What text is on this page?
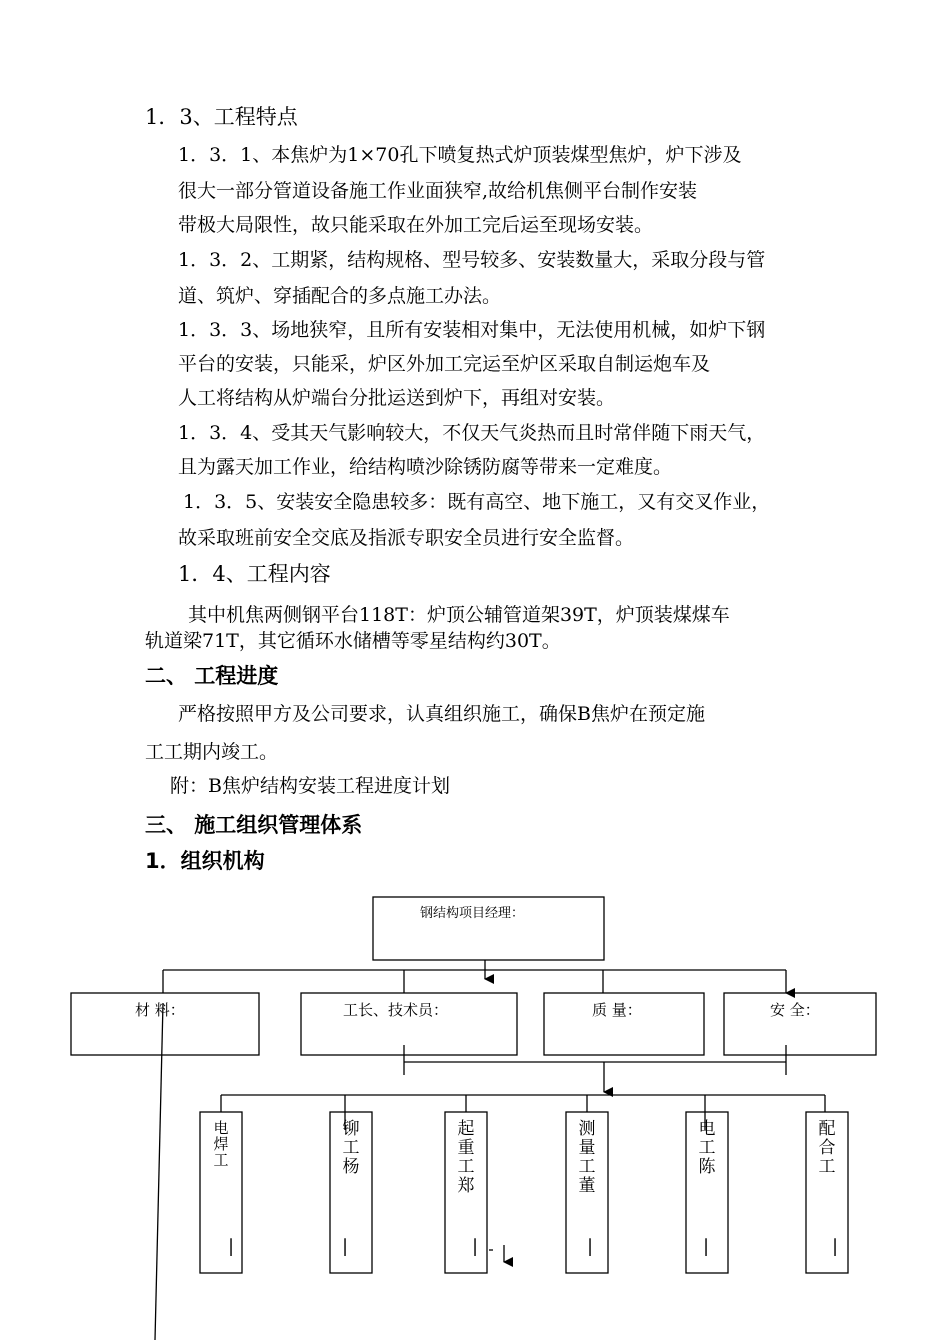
1．3、工程特点
1．3．1、本焦炉为1×70孔下喷复热式炉顶装煤型焦炉，炉下涉及
很大一部分管道设备施工作业面狭窄,故给机焦侧平台制作安装
带极大局限性，故只能采取在外加工完后运至现场安装。
1．3．2、工期紧，结构规格、型号较多、安装数量大，采取分段与管
道、筑炉、穿插配合的多点施工办法。
1．3．3、场地狭窄，且所有安装相对集中，无法使用机械，如炉下钢
平台的安装，只能采，炉区外加工完运至炉区采取自制运炮车及
人工将结构从炉端台分批运送到炉下，再组对安装。
1．3．4、受其天气影响较大，不仅天气炎热而且时常伴随下雨天气，
且为露天加工作业，给结构喷沙除锈防腐等带来一定难度。
1．3．5、安装安全隐患较多：既有高空、地下施工，又有交叉作业，
故采取班前安全交底及指派专职安全员进行安全监督。
1．4、工程内容
其中机焦两侧钢平台118T：炉顶公辅管道架39T，炉顶装煤煤车
轨道梁71T，其它循环水储槽等零星结构约30T。
二、 工程进度
严格按照甲方及公司要求，认真组织施工，确保B焦炉在预定施
工工期内竣工。
附：B焦炉结构安装工程进度计划
三、 施工组织管理体系
1．组织机构
钢结构项目经理：
材 料：	工长、技术员：	质 量：	安 全：
电焊工
铆　工杨
起重工郑
测量工董
电　工陈
配合工
|	|	|	|	|	|
